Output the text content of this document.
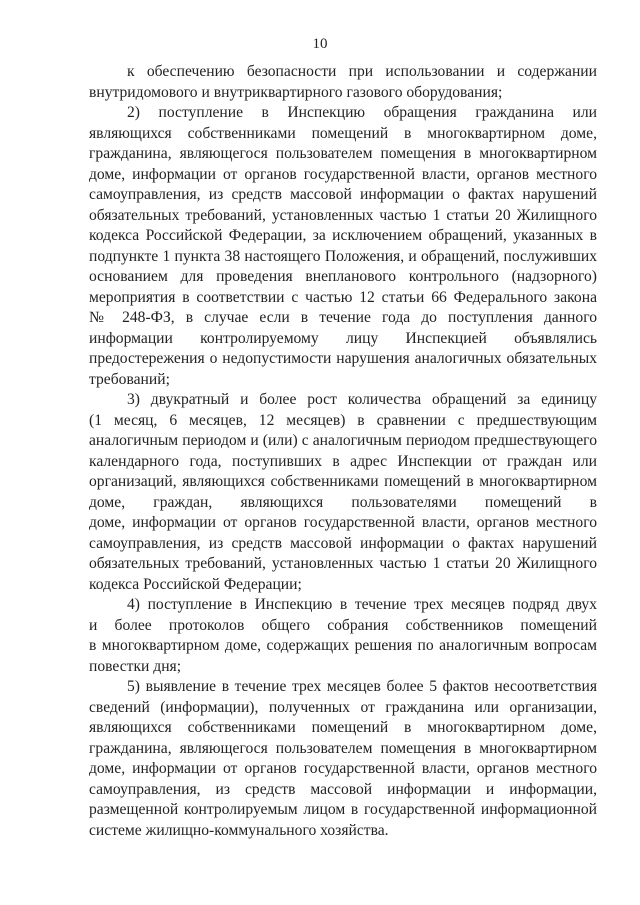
10
к обеспечению безопасности при использовании и содержании
внутридомового и внутриквартирного газового оборудования;
2) поступление в Инспекцию обращения гражданина или
являющихся собственниками помещений в многоквартирном доме,
гражданина, являющегося пользователем помещения в многоквартирном
доме, информации от органов государственной власти, органов местного
самоуправления, из средств массовой информации о фактах нарушений
обязательных требований, установленных частью 1 статьи 20 Жилищного
кодекса Российской Федерации, за исключением обращений, указанных в
подпункте 1 пункта 38 настоящего Положения, и обращений, послуживших
основанием для проведения внепланового контрольного (надзорного)
мероприятия в соответствии с частью 12 статьи 66 Федерального закона
№ 248-ФЗ, в случае если в течение года до поступления данного
информации контролируемому лицу Инспекцией объявлялись
предостережения о недопустимости нарушения аналогичных обязательных
требований;
3) двукратный и более рост количества обращений за единицу
(1 месяц, 6 месяцев, 12 месяцев) в сравнении с предшествующим
аналогичным периодом и (или) с аналогичным периодом предшествующего
календарного года, поступивших в адрес Инспекции от граждан или
организаций, являющихся собственниками помещений в многоквартирном
доме, граждан, являющихся пользователями помещений в
доме, информации от органов государственной власти, органов местного
самоуправления, из средств массовой информации о фактах нарушений
обязательных требований, установленных частью 1 статьи 20 Жилищного
кодекса Российской Федерации;
4) поступление в Инспекцию в течение трех месяцев подряд двух
и более протоколов общего собрания собственников помещений
в многоквартирном доме, содержащих решения по аналогичным вопросам
повестки дня;
5) выявление в течение трех месяцев более 5 фактов несоответствия
сведений (информации), полученных от гражданина или организации,
являющихся собственниками помещений в многоквартирном доме,
гражданина, являющегося пользователем помещения в многоквартирном
доме, информации от органов государственной власти, органов местного
самоуправления, из средств массовой информации и информации,
размещенной контролируемым лицом в государственной информационной
системе жилищно-коммунального хозяйства.
